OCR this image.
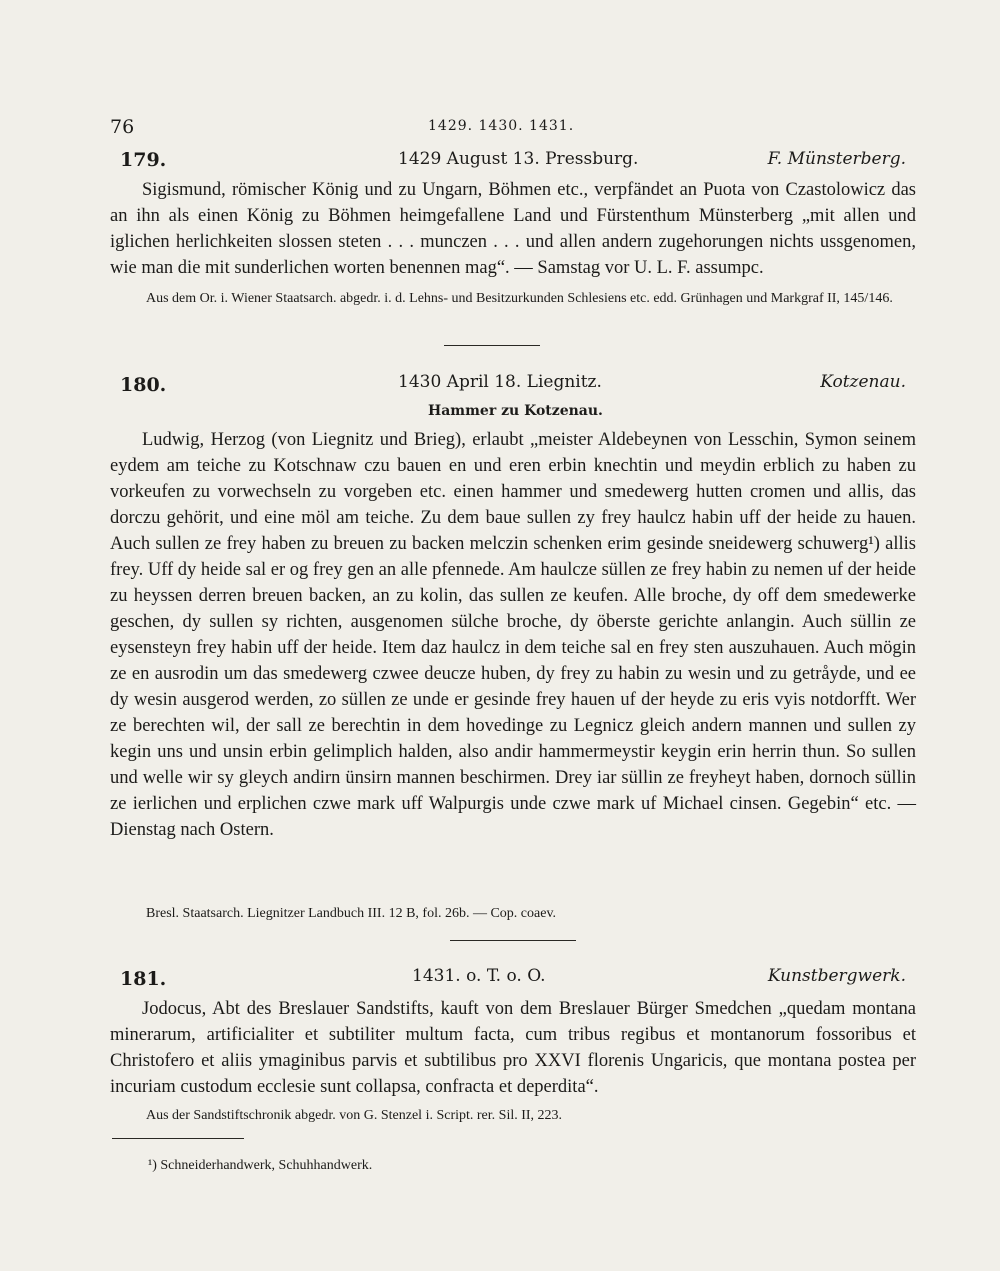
76	1429. 1430. 1431.
179.	1429 August 13. Pressburg.	F. Münsterberg.

Sigismund, römischer König und zu Ungarn, Böhmen etc., verpfändet an Puota von Czastolowicz das an ihn als einen König zu Böhmen heimgefallene Land und Fürstenthum Münsterberg „mit allen und iglichen herlichkeiten slossen steten . . . munczen . . . und allen andern zugehorungen nichts ussgenomen, wie man die mit sunderlichen worten benennen mag“. — Samstag vor U. L. F. assumpc.

Aus dem Or. i. Wiener Staatsarch. abgedr. i. d. Lehns- und Besitzurkunden Schlesiens etc. edd. Grünhagen und Markgraf II, 145/146.

180.	1430 April 18. Liegnitz.	Kotzenau.
Hammer zu Kotzenau.

Ludwig, Herzog (von Liegnitz und Brieg), erlaubt „meister Aldebeynen von Lesschin, Symon seinem eydem am teiche zu Kotschnaw czu bauen en und eren erbin knechtin und meydin erblich zu haben zu vorkeufen zu vorwechseln zu vorgeben etc. einen hammer und smedewerg hutten cromen und allis, das dorczu gehörit, und eine möl am teiche. Zu dem baue sullen zy frey haulcz habin uff der heide zu hauen. Auch sullen ze frey haben zu breuen zu backen melczin schenken erim gesinde sneidewerg schuwerg¹) allis frey. Uff dy heide sal er og frey gen an alle pfennede. Am haulcze süllen ze frey habin zu nemen uf der heide zu heyssen derren breuen backen, an zu kolin, das sullen ze keufen. Alle broche, dy off dem smedewerke geschen, dy sullen sy richten, ausgenomen sülche broche, dy öberste gerichte anlangin. Auch süllin ze eysensteyn frey habin uff der heide. Item daz haulcz in dem teiche sal en frey sten auszuhauen. Auch mögin ze en ausrodin um das smedewerg czwee deucze huben, dy frey zu habin zu wesin und zu getråyde, und ee dy wesin ausgerod werden, zo süllen ze unde er gesinde frey hauen uf der heyde zu eris vyis notdorfft. Wer ze berechten wil, der sall ze berechtin in dem hovedinge zu Legnicz gleich andern mannen und sullen zy kegin uns und unsin erbin gelimplich halden, also andir hammermeystir keygin erin herrin thun. So sullen und welle wir sy gleych andirn ünsirn mannen beschirmen. Drey iar süllin ze freyheyt haben, dornoch süllin ze ierlichen und erplichen czwe mark uff Walpurgis unde czwe mark uf Michael cinsen. Gegebin“ etc. — Dienstag nach Ostern.

Bresl. Staatsarch. Liegnitzer Landbuch III. 12 B, fol. 26b. — Cop. coaev.

181.	1431. o. T. o. O.	Kunstbergwerk.

Jodocus, Abt des Breslauer Sandstifts, kauft von dem Breslauer Bürger Smedchen „quedam montana minerarum, artificialiter et subtiliter multum facta, cum tribus regibus et montanorum fossoribus et Christofero et aliis ymaginibus parvis et subtilibus pro XXVI florenis Ungaricis, que montana postea per incuriam custodum ecclesie sunt collapsa, confracta et deperdita“.

Aus der Sandstiftschronik abgedr. von G. Stenzel i. Script. rer. Sil. II, 223.

¹) Schneiderhandwerk, Schuhhandwerk.
